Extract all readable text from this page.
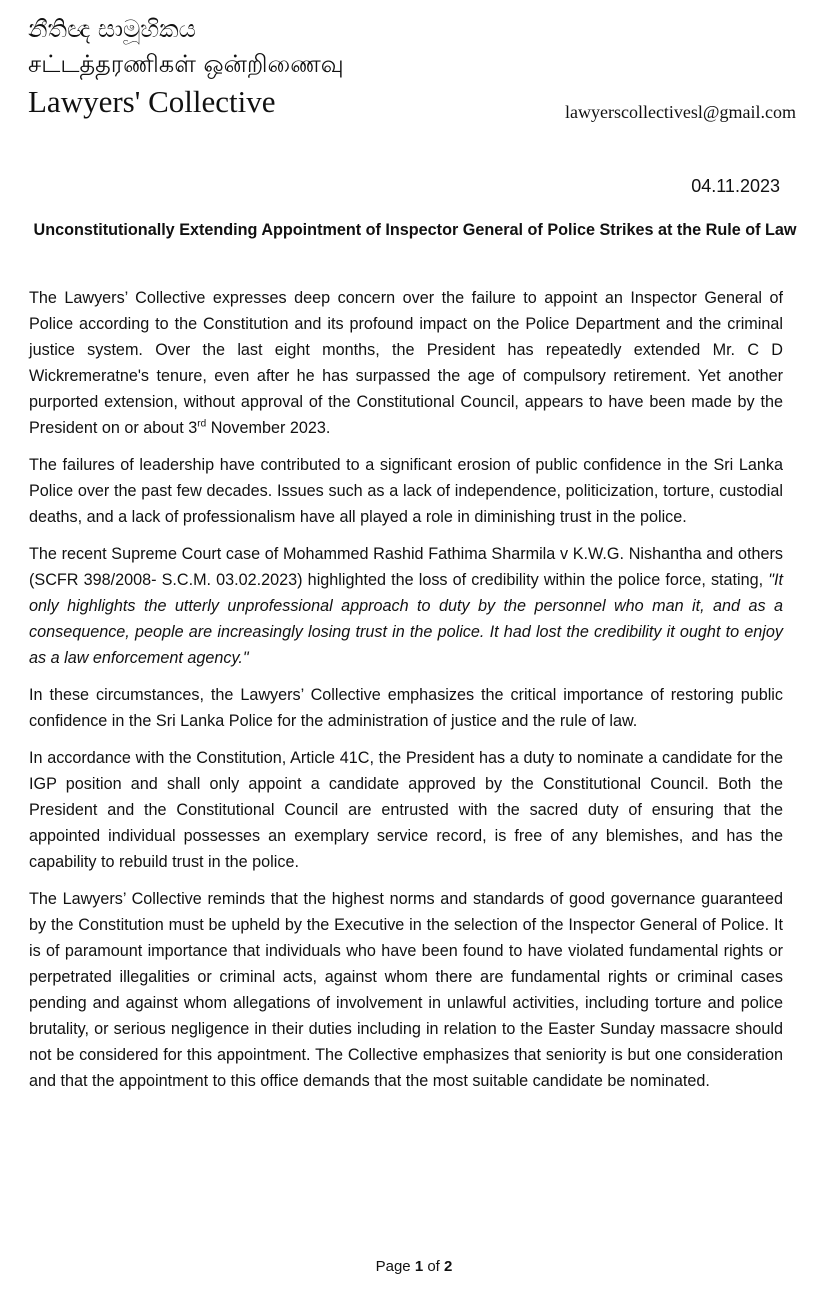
නීතිඥ සාමූහිකය
சட்டத்தரணிகள் ஒன்றிணைவு
Lawyers' Collective	lawyerscollectivesl@gmail.com
04.11.2023
Unconstitutionally Extending Appointment of Inspector General of Police Strikes at the Rule of Law

The Lawyers’ Collective expresses deep concern over the failure to appoint an Inspector General of Police according to the Constitution and its profound impact on the Police Department and the criminal justice system. Over the last eight months, the President has repeatedly extended Mr. C D Wickremeratne's tenure, even after he has surpassed the age of compulsory retirement. Yet another purported extension, without approval of the Constitutional Council, appears to have been made by the President on or about 3rd November 2023.

The failures of leadership have contributed to a significant erosion of public confidence in the Sri Lanka Police over the past few decades. Issues such as a lack of independence, politicization, torture, custodial deaths, and a lack of professionalism have all played a role in diminishing trust in the police.

The recent Supreme Court case of Mohammed Rashid Fathima Sharmila v K.W.G. Nishantha and others (SCFR 398/2008- S.C.M. 03.02.2023) highlighted the loss of credibility within the police force, stating, "It only highlights the utterly unprofessional approach to duty by the personnel who man it, and as a consequence, people are increasingly losing trust in the police. It had lost the credibility it ought to enjoy as a law enforcement agency."

In these circumstances, the Lawyers’ Collective emphasizes the critical importance of restoring public confidence in the Sri Lanka Police for the administration of justice and the rule of law.

In accordance with the Constitution, Article 41C, the President has a duty to nominate a candidate for the IGP position and shall only appoint a candidate approved by the Constitutional Council. Both the President and the Constitutional Council are entrusted with the sacred duty of ensuring that the appointed individual possesses an exemplary service record, is free of any blemishes, and has the capability to rebuild trust in the police.

The Lawyers’ Collective reminds that the highest norms and standards of good governance guaranteed by the Constitution must be upheld by the Executive in the selection of the Inspector General of Police. It is of paramount importance that individuals who have been found to have violated fundamental rights or perpetrated illegalities or criminal acts, against whom there are fundamental rights or criminal cases pending and against whom allegations of involvement in unlawful activities, including torture and police brutality, or serious negligence in their duties including in relation to the Easter Sunday massacre should not be considered for this appointment. The Collective emphasizes that seniority is but one consideration and that the appointment to this office demands that the most suitable candidate be nominated.

Page 1 of 2
